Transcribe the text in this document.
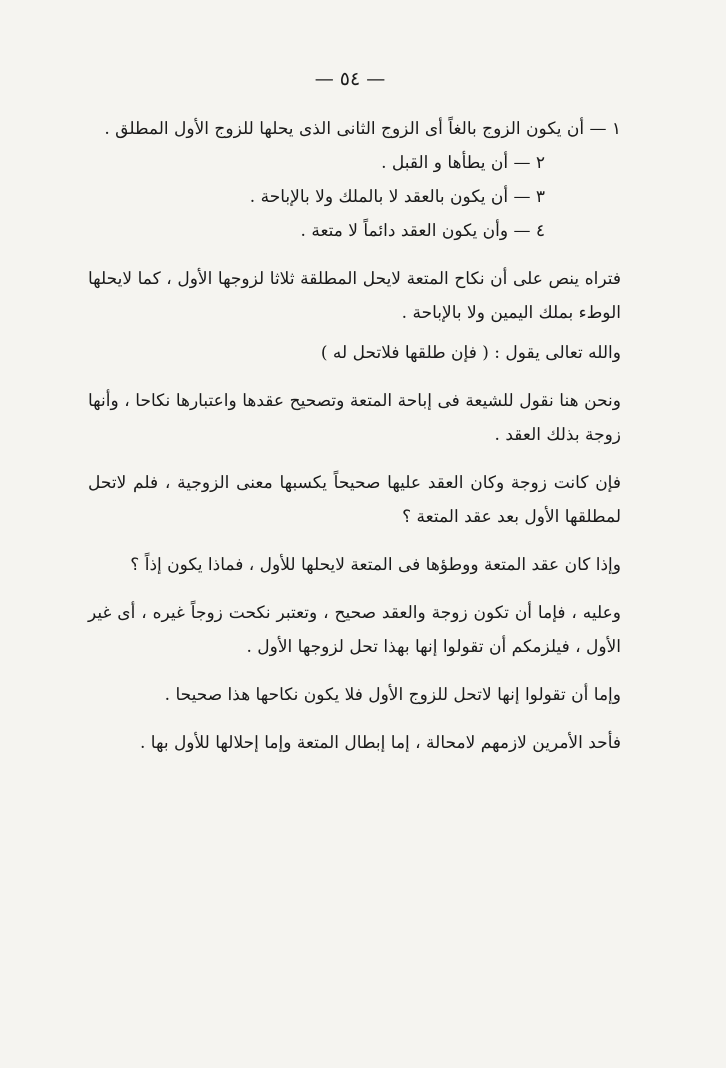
— ٥٤ —

١ — أن يكون الزوج بالغاً أى الزوج الثانى الذى يحلها للزوج الأول المطلق .

٢ — أن يطأها و القبل .

٣ — أن يكون بالعقد لا بالملك ولا بالإباحة .

٤ — وأن يكون العقد دائماً لا متعة .

فتراه ينص على أن نكاح المتعة لايحل المطلقة ثلاثا لزوجها الأول ، كما لايحلها الوطء بملك اليمين ولا بالإباحة .

والله تعالى يقول : ( فإن طلقها فلاتحل له )

ونحن هنا نقول للشيعة فى إباحة المتعة وتصحيح عقدها واعتبارها نكاحا ، وأنها زوجة بذلك العقد .

فإن كانت زوجة وكان العقد عليها صحيحاً يكسبها معنى الزوجية ، فلم لاتحل لمطلقها الأول بعد عقد المتعة ؟

وإذا كان عقد المتعة ووطؤها فى المتعة لايحلها للأول ، فماذا يكون إذاً ؟

وعليه ، فإما أن تكون زوجة والعقد صحيح ، وتعتبر نكحت زوجاً غيره ، أى غير الأول ، فيلزمكم أن تقولوا إنها بهذا تحل لزوجها الأول .

وإما أن تقولوا إنها لاتحل للزوج الأول فلا يكون نكاحها هذا صحيحا .

فأحد الأمرين لازمهم لامحالة ، إما إبطال المتعة وإما إحلالها للأول بها .
